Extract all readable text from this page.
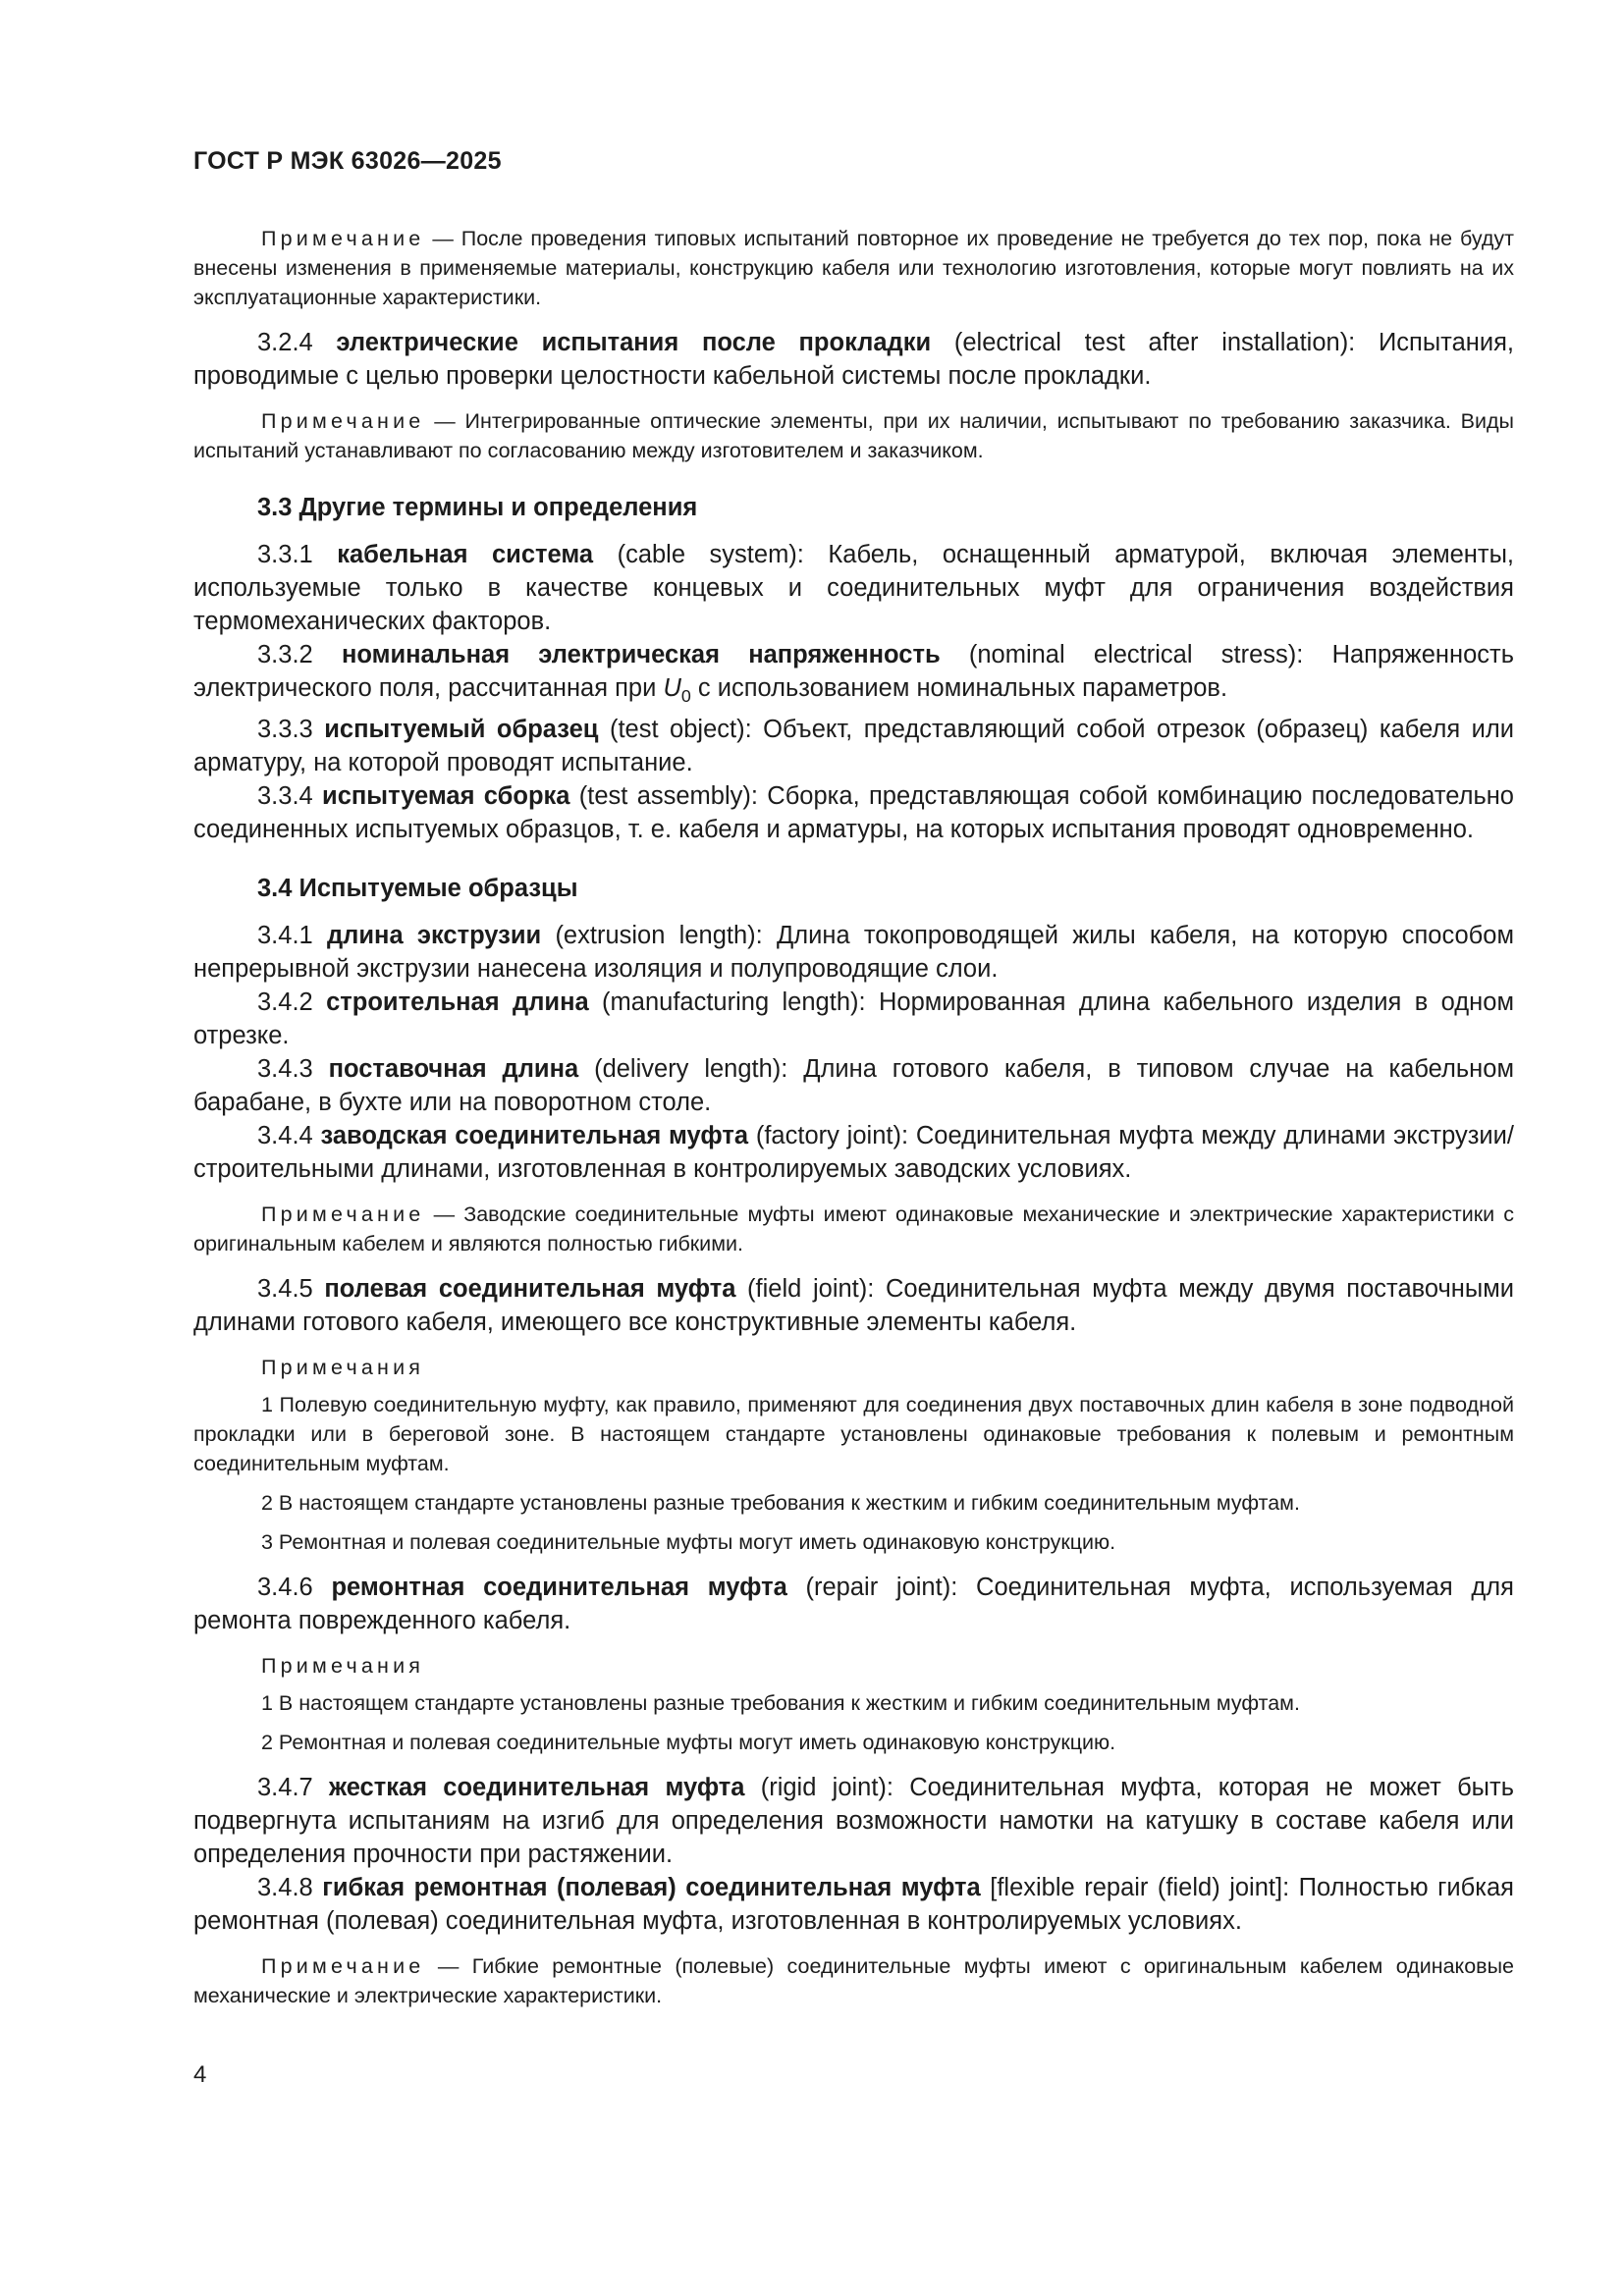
ГОСТ Р МЭК 63026—2025

Примечание — После проведения типовых испытаний повторное их проведение не требуется до тех пор, пока не будут внесены изменения в применяемые материалы, конструкцию кабеля или технологию изготовления, которые могут повлиять на их эксплуатационные характеристики.

3.2.4 электрические испытания после прокладки (electrical test after installation): Испытания, проводимые с целью проверки целостности кабельной системы после прокладки.

Примечание — Интегрированные оптические элементы, при их наличии, испытывают по требованию заказчика. Виды испытаний устанавливают по согласованию между изготовителем и заказчиком.

3.3 Другие термины и определения

3.3.1 кабельная система (cable system): Кабель, оснащенный арматурой, включая элементы, используемые только в качестве концевых и соединительных муфт для ограничения воздействия термомеханических факторов.

3.3.2 номинальная электрическая напряженность (nominal electrical stress): Напряженность электрического поля, рассчитанная при $U_0$ с использованием номинальных параметров.

3.3.3 испытуемый образец (test object): Объект, представляющий собой отрезок (образец) кабеля или арматуру, на которой проводят испытание.

3.3.4 испытуемая сборка (test assembly): Сборка, представляющая собой комбинацию последовательно соединенных испытуемых образцов, т. е. кабеля и арматуры, на которых испытания проводят одновременно.

3.4 Испытуемые образцы

3.4.1 длина экструзии (extrusion length): Длина токопроводящей жилы кабеля, на которую способом непрерывной экструзии нанесена изоляция и полупроводящие слои.

3.4.2 строительная длина (manufacturing length): Нормированная длина кабельного изделия в одном отрезке.

3.4.3 поставочная длина (delivery length): Длина готового кабеля, в типовом случае на кабельном барабане, в бухте или на поворотном столе.

3.4.4 заводская соединительная муфта (factory joint): Соединительная муфта между длинами экструзии/строительными длинами, изготовленная в контролируемых заводских условиях.

Примечание — Заводские соединительные муфты имеют одинаковые механические и электрические характеристики с оригинальным кабелем и являются полностью гибкими.

3.4.5 полевая соединительная муфта (field joint): Соединительная муфта между двумя поставочными длинами готового кабеля, имеющего все конструктивные элементы кабеля.

Примечания

1 Полевую соединительную муфту, как правило, применяют для соединения двух поставочных длин кабеля в зоне подводной прокладки или в береговой зоне. В настоящем стандарте установлены одинаковые требования к полевым и ремонтным соединительным муфтам.

2 В настоящем стандарте установлены разные требования к жестким и гибким соединительным муфтам.

3 Ремонтная и полевая соединительные муфты могут иметь одинаковую конструкцию.

3.4.6 ремонтная соединительная муфта (repair joint): Соединительная муфта, используемая для ремонта поврежденного кабеля.

Примечания

1 В настоящем стандарте установлены разные требования к жестким и гибким соединительным муфтам.

2 Ремонтная и полевая соединительные муфты могут иметь одинаковую конструкцию.

3.4.7 жесткая соединительная муфта (rigid joint): Соединительная муфта, которая не может быть подвергнута испытаниям на изгиб для определения возможности намотки на катушку в составе кабеля или определения прочности при растяжении.

3.4.8 гибкая ремонтная (полевая) соединительная муфта [flexible repair (field) joint]: Полностью гибкая ремонтная (полевая) соединительная муфта, изготовленная в контролируемых условиях.

Примечание — Гибкие ремонтные (полевые) соединительные муфты имеют с оригинальным кабелем одинаковые механические и электрические характеристики.

4
